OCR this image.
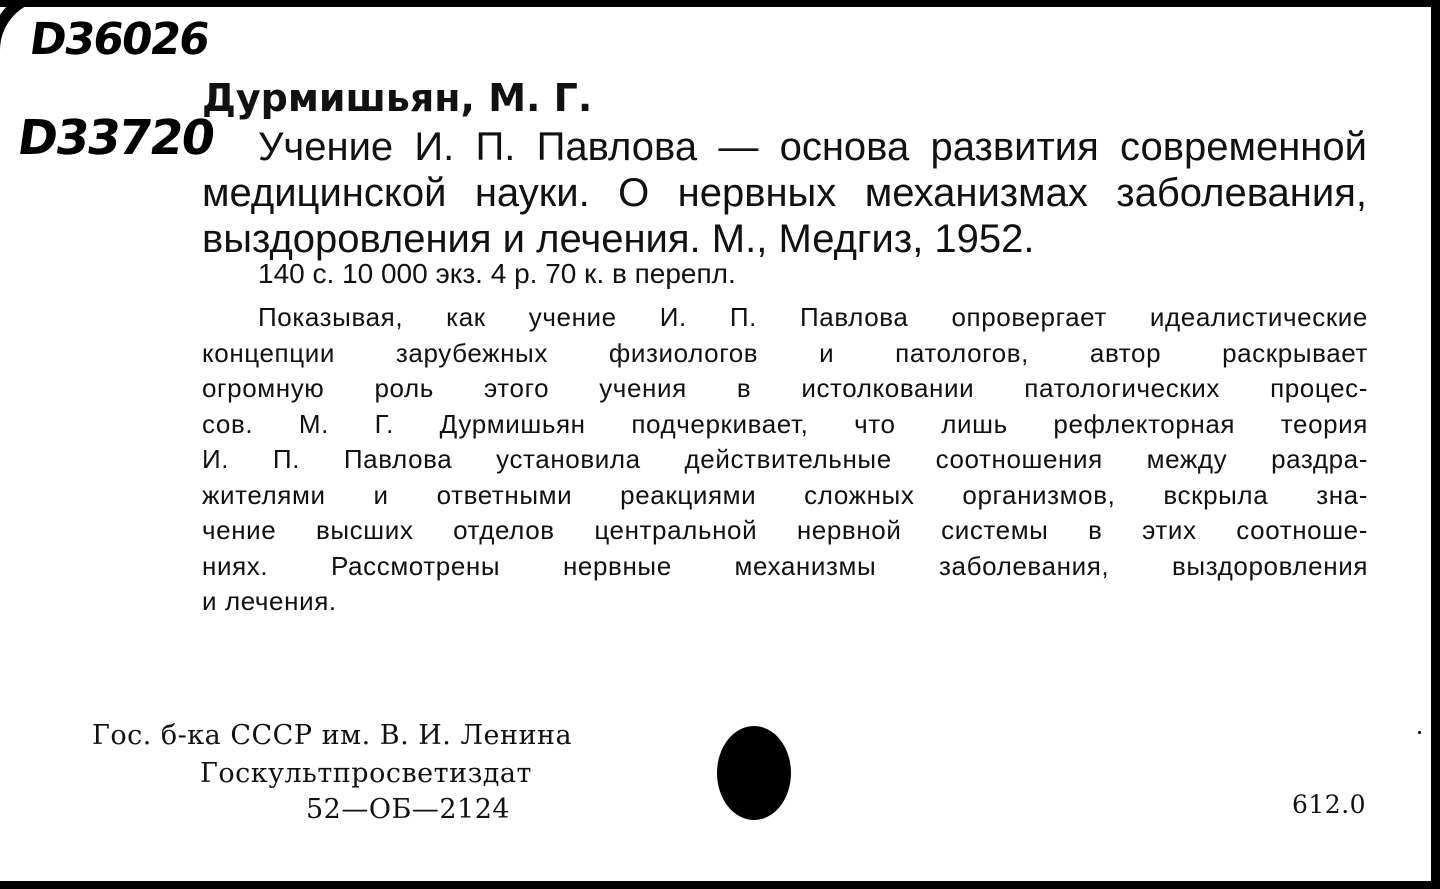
D36026
D33720
Дурмишьян, М. Г.
Учение И. П. Павлова — основа развития современной
медицинской науки. О нервных механизмах заболевания,
выздоровления и лечения. М., Медгиз, 1952.
140 с. 10 000 экз. 4 р. 70 к. в перепл.
Показывая, как учение И. П. Павлова опровергает идеалистические
концепции зарубежных физиологов и патологов, автор раскрывает
огромную роль этого учения в истолковании патологических процес-
сов. М. Г. Дурмишьян подчеркивает, что лишь рефлекторная теория
И. П. Павлова установила действительные соотношения между раздра-
жителями и ответными реакциями сложных организмов, вскрыла зна-
чение высших отделов центральной нервной системы в этих соотноше-
ниях. Рассмотрены нервные механизмы заболевания, выздоровления
и лечения.
Гос. б-ка СССР им. В. И. Ленина
Госкультпросветиздат
52—ОБ—2124	612.0
